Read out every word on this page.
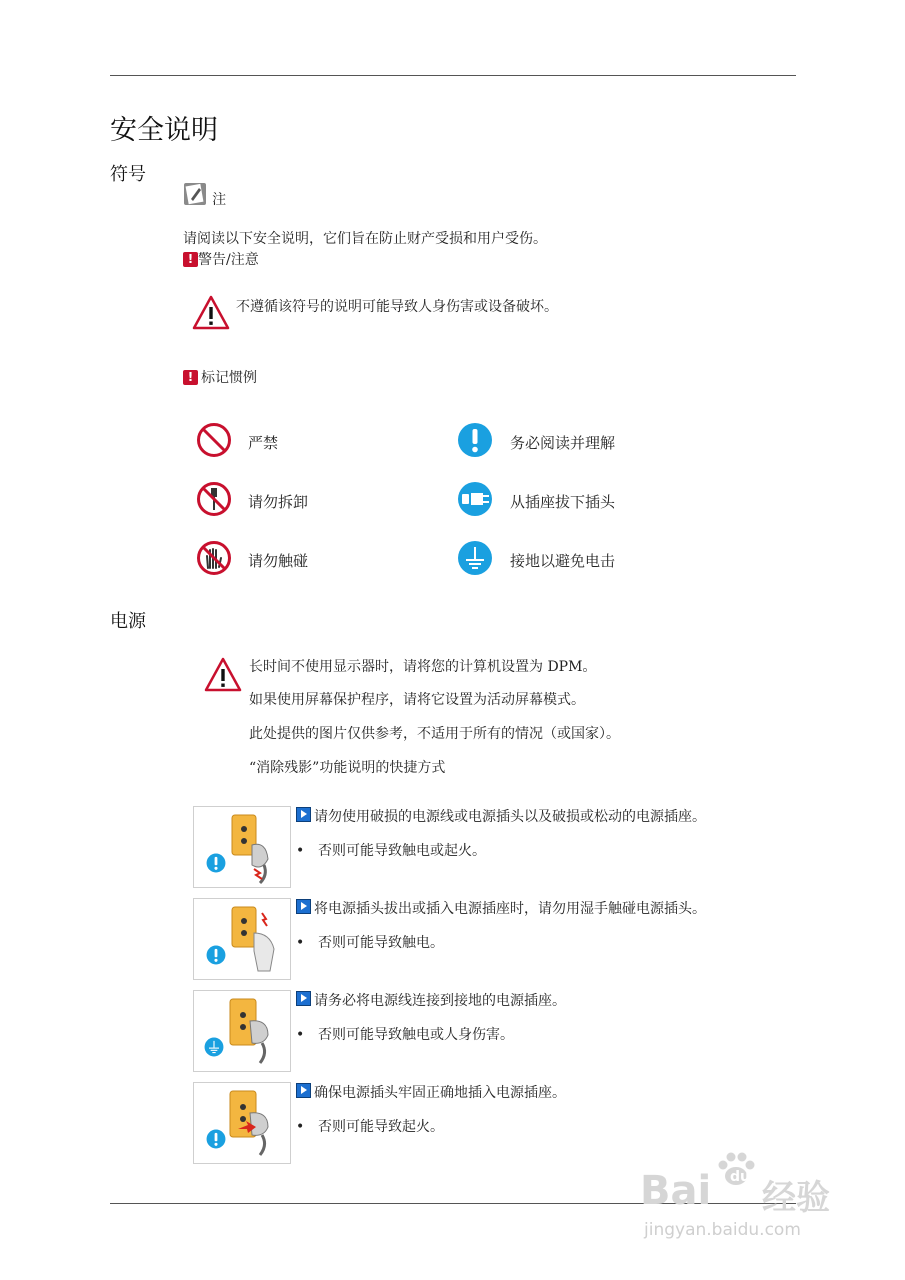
安全说明
符号
注
请阅读以下安全说明，它们旨在防止财产受损和用户受伤。
! 警告/注意
不遵循该符号的说明可能导致人身伤害或设备破坏。
! 标记惯例
严禁	务必阅读并理解
请勿拆卸	从插座拔下插头
请勿触碰	接地以避免电击
电源
长时间不使用显示器时，请将您的计算机设置为 DPM。
如果使用屏幕保护程序，请将它设置为活动屏幕模式。
此处提供的图片仅供参考，不适用于所有的情况（或国家）。
“消除残影”功能说明的快捷方式
请勿使用破损的电源线或电源插头以及破损或松动的电源插座。
• 否则可能导致触电或起火。
将电源插头拔出或插入电源插座时，请勿用湿手触碰电源插头。
• 否则可能导致触电。
请务必将电源线连接到接地的电源插座。
• 否则可能导致触电或人身伤害。
确保电源插头牢固正确地插入电源插座。
• 否则可能导致起火。
Bai du
经验
jingyan.baidu.com
